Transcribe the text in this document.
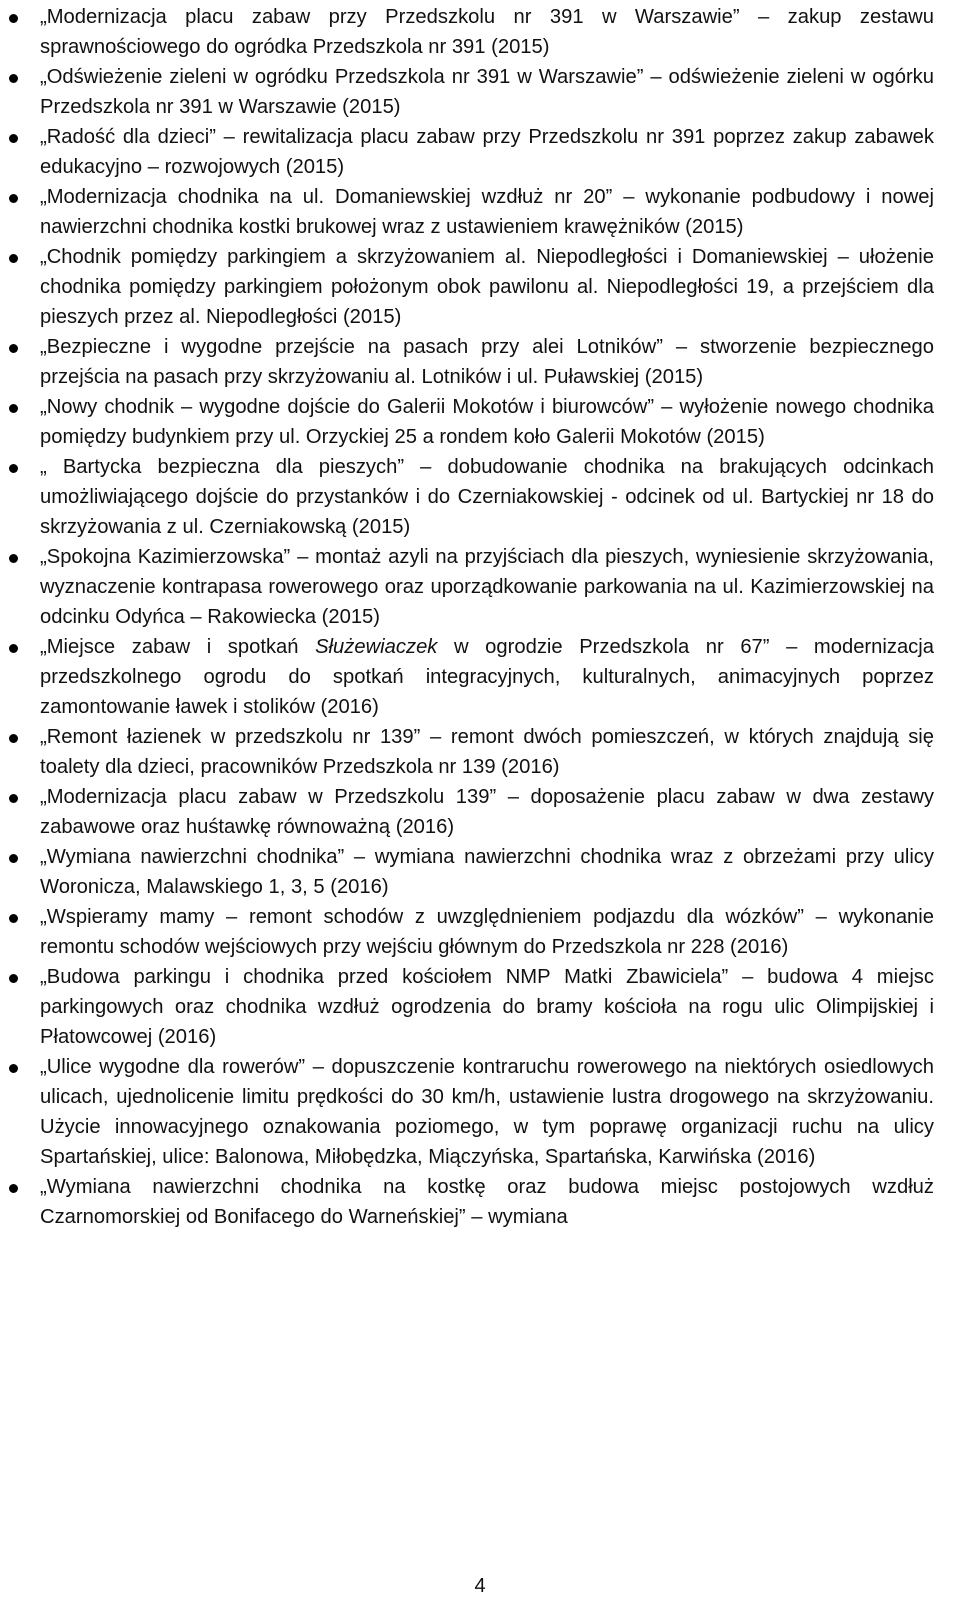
„Modernizacja placu zabaw przy Przedszkolu nr 391 w Warszawie” – zakup zestawu sprawnościowego do ogródka Przedszkola nr 391 (2015)
„Odświeżenie zieleni w ogródku Przedszkola nr 391 w Warszawie” – odświeżenie zieleni w ogórku Przedszkola nr 391 w Warszawie (2015)
„Radość dla dzieci” – rewitalizacja placu zabaw przy Przedszkolu nr 391 poprzez zakup zabawek edukacyjno – rozwojowych (2015)
„Modernizacja chodnika na ul. Domaniewskiej wzdłuż nr 20” – wykonanie podbudowy i nowej nawierzchni chodnika kostki brukowej wraz z ustawieniem krawężników (2015)
„Chodnik pomiędzy parkingiem a skrzyżowaniem al. Niepodległości i Domaniewskiej – ułożenie chodnika pomiędzy parkingiem położonym obok pawilonu al. Niepodległości 19, a przejściem dla pieszych przez al. Niepodległości (2015)
„Bezpieczne i wygodne przejście na pasach przy alei Lotników” – stworzenie bezpiecznego przejścia na pasach przy skrzyżowaniu al. Lotników i ul. Puławskiej (2015)
„Nowy chodnik – wygodne dojście do Galerii Mokotów i biurowców” – wyłożenie nowego chodnika pomiędzy budynkiem przy ul. Orzyckiej 25 a rondem koło Galerii Mokotów (2015)
„ Bartycka bezpieczna dla pieszych” – dobudowanie chodnika na brakujących odcinkach umożliwiającego dojście do przystanków i do Czerniakowskiej - odcinek od ul. Bartyckiej nr 18 do skrzyżowania z ul. Czerniakowską (2015)
„Spokojna Kazimierzowska” – montaż azyli na przyjściach dla pieszych, wyniesienie skrzyżowania, wyznaczenie kontrapasa rowerowego oraz uporządkowanie parkowania na ul. Kazimierzowskiej na odcinku Odyńca – Rakowiecka (2015)
„Miejsce zabaw i spotkań Służewiaczek w ogrodzie Przedszkola nr 67” – modernizacja przedszkolnego ogrodu do spotkań integracyjnych, kulturalnych, animacyjnych poprzez zamontowanie ławek i stolików (2016)
„Remont łazienek w przedszkolu nr 139” – remont dwóch pomieszczeń, w których znajdują się toalety dla dzieci, pracowników Przedszkola nr 139 (2016)
„Modernizacja placu zabaw w Przedszkolu 139” – doposażenie placu zabaw w dwa zestawy zabawowe oraz huśtawkę równoważną (2016)
„Wymiana nawierzchni chodnika” – wymiana nawierzchni chodnika wraz z obrzeżami przy ulicy Woronicza, Malawskiego 1, 3, 5 (2016)
„Wspieramy mamy – remont schodów z uwzględnieniem podjazdu dla wózków” – wykonanie remontu schodów wejściowych przy wejściu głównym do Przedszkola nr 228 (2016)
„Budowa parkingu i chodnika przed kościołem NMP Matki Zbawiciela” – budowa 4 miejsc parkingowych oraz chodnika wzdłuż ogrodzenia do bramy kościoła na rogu ulic Olimpijskiej i Płatowcowej (2016)
„Ulice wygodne dla rowerów” – dopuszczenie kontraruchu rowerowego na niektórych osiedlowych ulicach, ujednolicenie limitu prędkości do 30 km/h, ustawienie lustra drogowego na skrzyżowaniu. Użycie innowacyjnego oznakowania poziomego, w tym poprawę organizacji ruchu na ulicy Spartańskiej, ulice: Balonowa, Miłobędzka, Miączyńska, Spartańska, Karwińska (2016)
„Wymiana nawierzchni chodnika na kostkę oraz budowa miejsc postojowych wzdłuż Czarnomorskiej od Bonifacego do Warneńskiej” – wymiana
4
